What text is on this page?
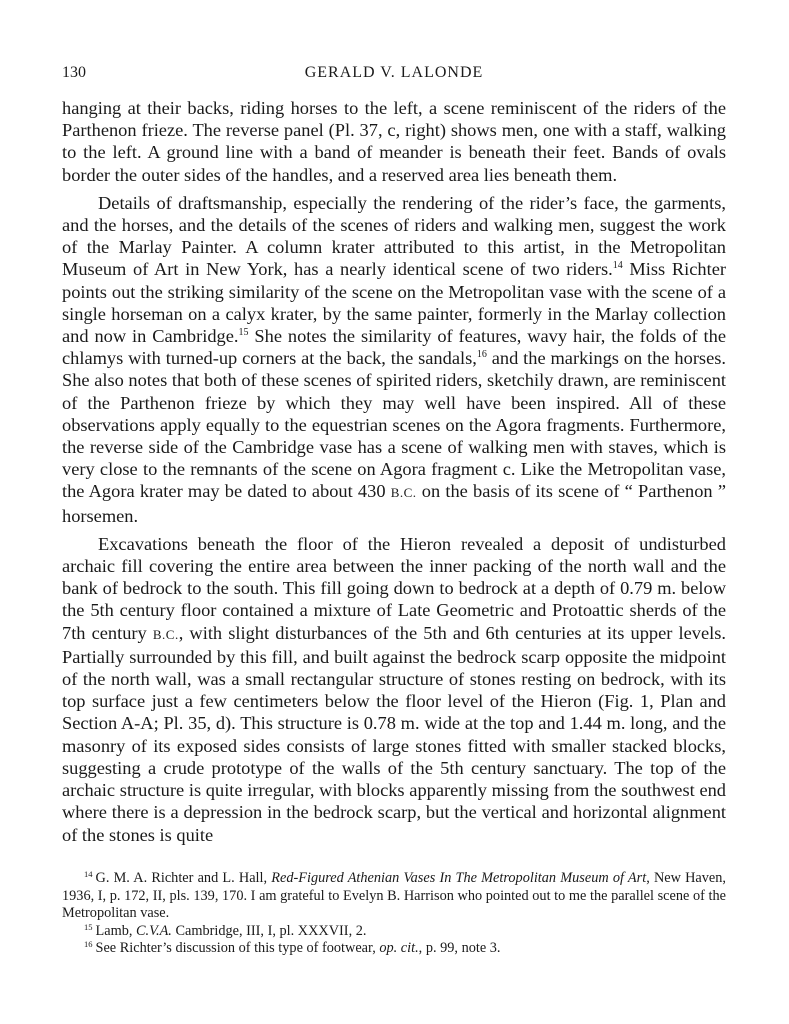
130	GERALD V. LALONDE

hanging at their backs, riding horses to the left, a scene reminiscent of the riders of the Parthenon frieze. The reverse panel (Pl. 37, c, right) shows men, one with a staff, walking to the left. A ground line with a band of meander is beneath their feet. Bands of ovals border the outer sides of the handles, and a reserved area lies beneath them.

Details of draftsmanship, especially the rendering of the rider’s face, the garments, and the horses, and the details of the scenes of riders and walking men, suggest the work of the Marlay Painter. A column krater attributed to this artist, in the Metropolitan Museum of Art in New York, has a nearly identical scene of two riders.$^{14}$ Miss Richter points out the striking similarity of the scene on the Metropolitan vase with the scene of a single horseman on a calyx krater, by the same painter, formerly in the Marlay collection and now in Cambridge.$^{15}$ She notes the similarity of features, wavy hair, the folds of the chlamys with turned-up corners at the back, the sandals,$^{16}$ and the markings on the horses. She also notes that both of these scenes of spirited riders, sketchily drawn, are reminiscent of the Parthenon frieze by which they may well have been inspired. All of these observations apply equally to the equestrian scenes on the Agora fragments. Furthermore, the reverse side of the Cambridge vase has a scene of walking men with staves, which is very close to the remnants of the scene on Agora fragment c. Like the Metropolitan vase, the Agora krater may be dated to about 430 B.C. on the basis of its scene of “ Parthenon ” horsemen.

Excavations beneath the floor of the Hieron revealed a deposit of undisturbed archaic fill covering the entire area between the inner packing of the north wall and the bank of bedrock to the south. This fill going down to bedrock at a depth of 0.79 m. below the 5th century floor contained a mixture of Late Geometric and Protoattic sherds of the 7th century B.C., with slight disturbances of the 5th and 6th centuries at its upper levels. Partially surrounded by this fill, and built against the bedrock scarp opposite the midpoint of the north wall, was a small rectangular structure of stones resting on bedrock, with its top surface just a few centimeters below the floor level of the Hieron (Fig. 1, Plan and Section A-A; Pl. 35, d). This structure is 0.78 m. wide at the top and 1.44 m. long, and the masonry of its exposed sides consists of large stones fitted with smaller stacked blocks, suggesting a crude prototype of the walls of the 5th century sanctuary. The top of the archaic structure is quite irregular, with blocks apparently missing from the southwest end where there is a depression in the bedrock scarp, but the vertical and horizontal alignment of the stones is quite

$^{14}$ G. M. A. Richter and L. Hall, Red-Figured Athenian Vases In The Metropolitan Museum of Art, New Haven, 1936, I, p. 172, II, pls. 139, 170. I am grateful to Evelyn B. Harrison who pointed out to me the parallel scene of the Metropolitan vase.

$^{15}$ Lamb, C.V.A. Cambridge, III, I, pl. XXXVII, 2.

$^{16}$ See Richter’s discussion of this type of footwear, op. cit., p. 99, note 3.
